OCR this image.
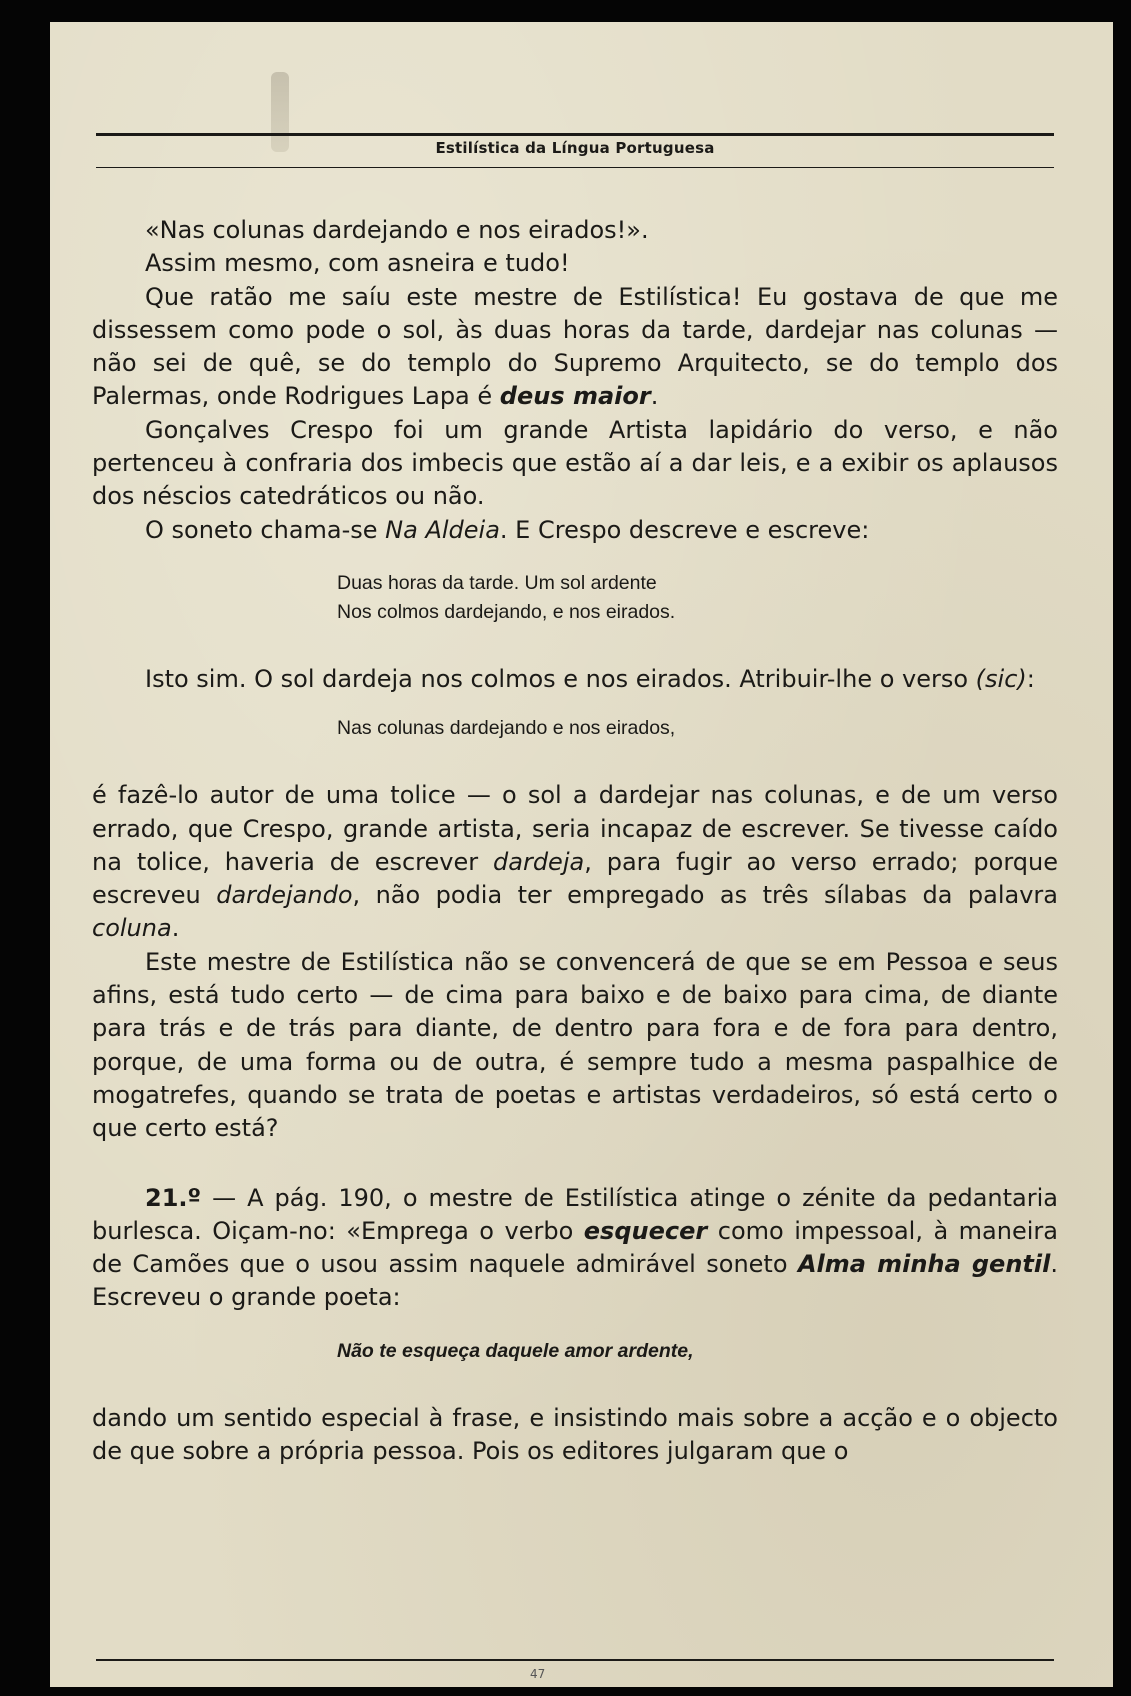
Estilística da Língua Portuguesa

«Nas colunas dardejando e nos eirados!».

Assim mesmo, com asneira e tudo!

Que ratão me saíu este mestre de Estilística! Eu gostava de que me dissessem como pode o sol, às duas horas da tarde, dardejar nas colunas — não sei de quê, se do templo do Supremo Arquitecto, se do templo dos Palermas, onde Rodrigues Lapa é deus maior.

Gonçalves Crespo foi um grande Artista lapidário do verso, e não pertenceu à confraria dos imbecis que estão aí a dar leis, e a exibir os aplausos dos néscios catedráticos ou não.

O soneto chama-se Na Aldeia. E Crespo descreve e escreve:

Duas horas da tarde. Um sol ardente
Nos colmos dardejando, e nos eirados.

Isto sim. O sol dardeja nos colmos e nos eirados. Atribuir-lhe o verso (sic):

Nas colunas dardejando e nos eirados,

é fazê-lo autor de uma tolice — o sol a dardejar nas colunas, e de um verso errado, que Crespo, grande artista, seria incapaz de escrever. Se tivesse caído na tolice, haveria de escrever dardeja, para fugir ao verso errado; porque escreveu dardejando, não podia ter empregado as três sílabas da palavra coluna.

Este mestre de Estilística não se convencerá de que se em Pessoa e seus afins, está tudo certo — de cima para baixo e de baixo para cima, de diante para trás e de trás para diante, de dentro para fora e de fora para dentro, porque, de uma forma ou de outra, é sempre tudo a mesma paspalhice de mogatrefes, quando se trata de poetas e artistas verdadeiros, só está certo o que certo está?

21.º — A pág. 190, o mestre de Estilística atinge o zénite da pedantaria burlesca. Oiçam-no: «Emprega o verbo esquecer como impessoal, à maneira de Camões que o usou assim naquele admirável soneto Alma minha gentil. Escreveu o grande poeta:

Não te esqueça daquele amor ardente,

dando um sentido especial à frase, e insistindo mais sobre a acção e o objecto de que sobre a própria pessoa. Pois os editores julgaram que o

47
